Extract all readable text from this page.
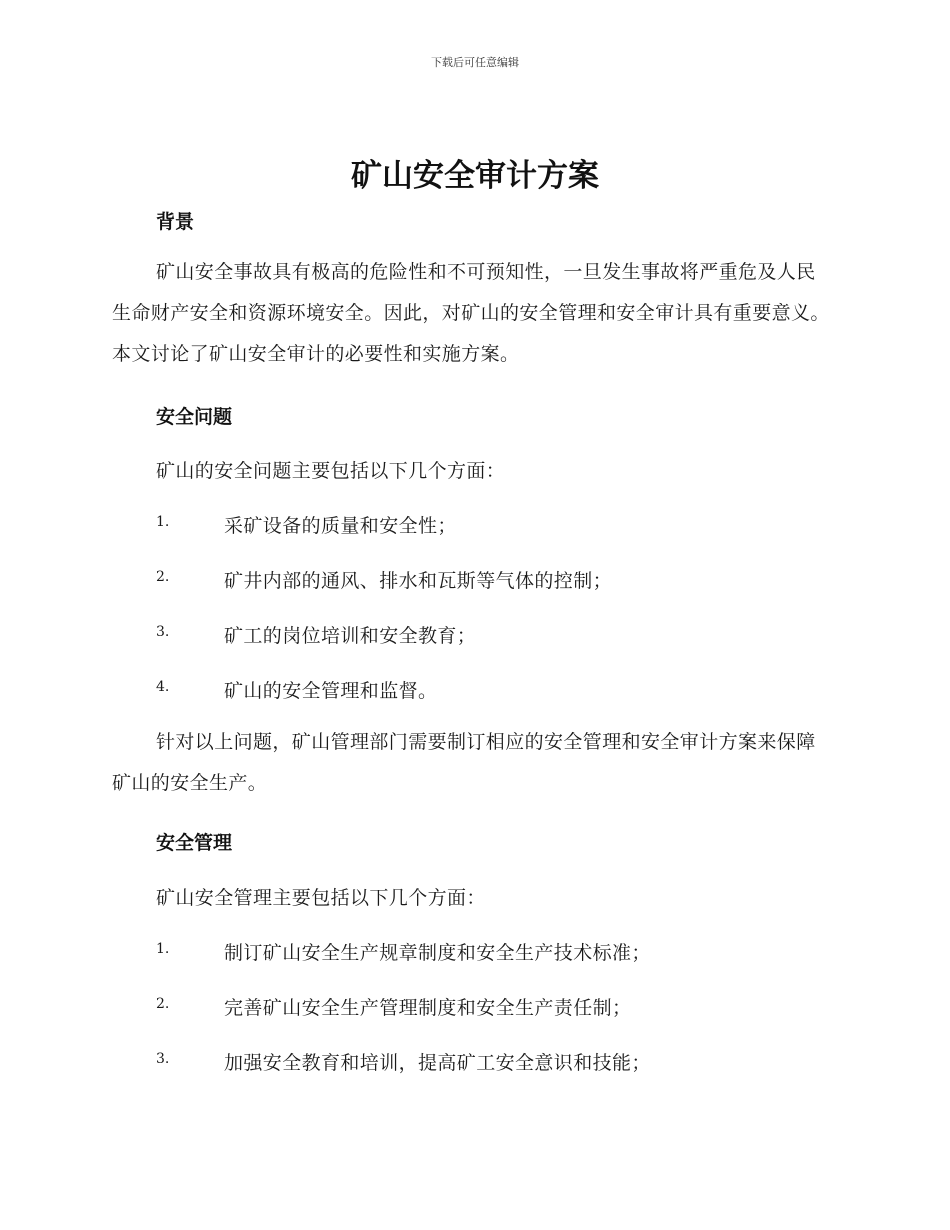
下载后可任意编辑
矿山安全审计方案
背景
矿山安全事故具有极高的危险性和不可预知性，一旦发生事故将严重危及人民生命财产安全和资源环境安全。因此，对矿山的安全管理和安全审计具有重要意义。本文讨论了矿山安全审计的必要性和实施方案。
安全问题
矿山的安全问题主要包括以下几个方面：
1.	采矿设备的质量和安全性；
2.	矿井内部的通风、排水和瓦斯等气体的控制；
3.	矿工的岗位培训和安全教育；
4.	矿山的安全管理和监督。
针对以上问题，矿山管理部门需要制订相应的安全管理和安全审计方案来保障矿山的安全生产。
安全管理
矿山安全管理主要包括以下几个方面：
1.	制订矿山安全生产规章制度和安全生产技术标准；
2.	完善矿山安全生产管理制度和安全生产责任制；
3.	加强安全教育和培训，提高矿工安全意识和技能；
